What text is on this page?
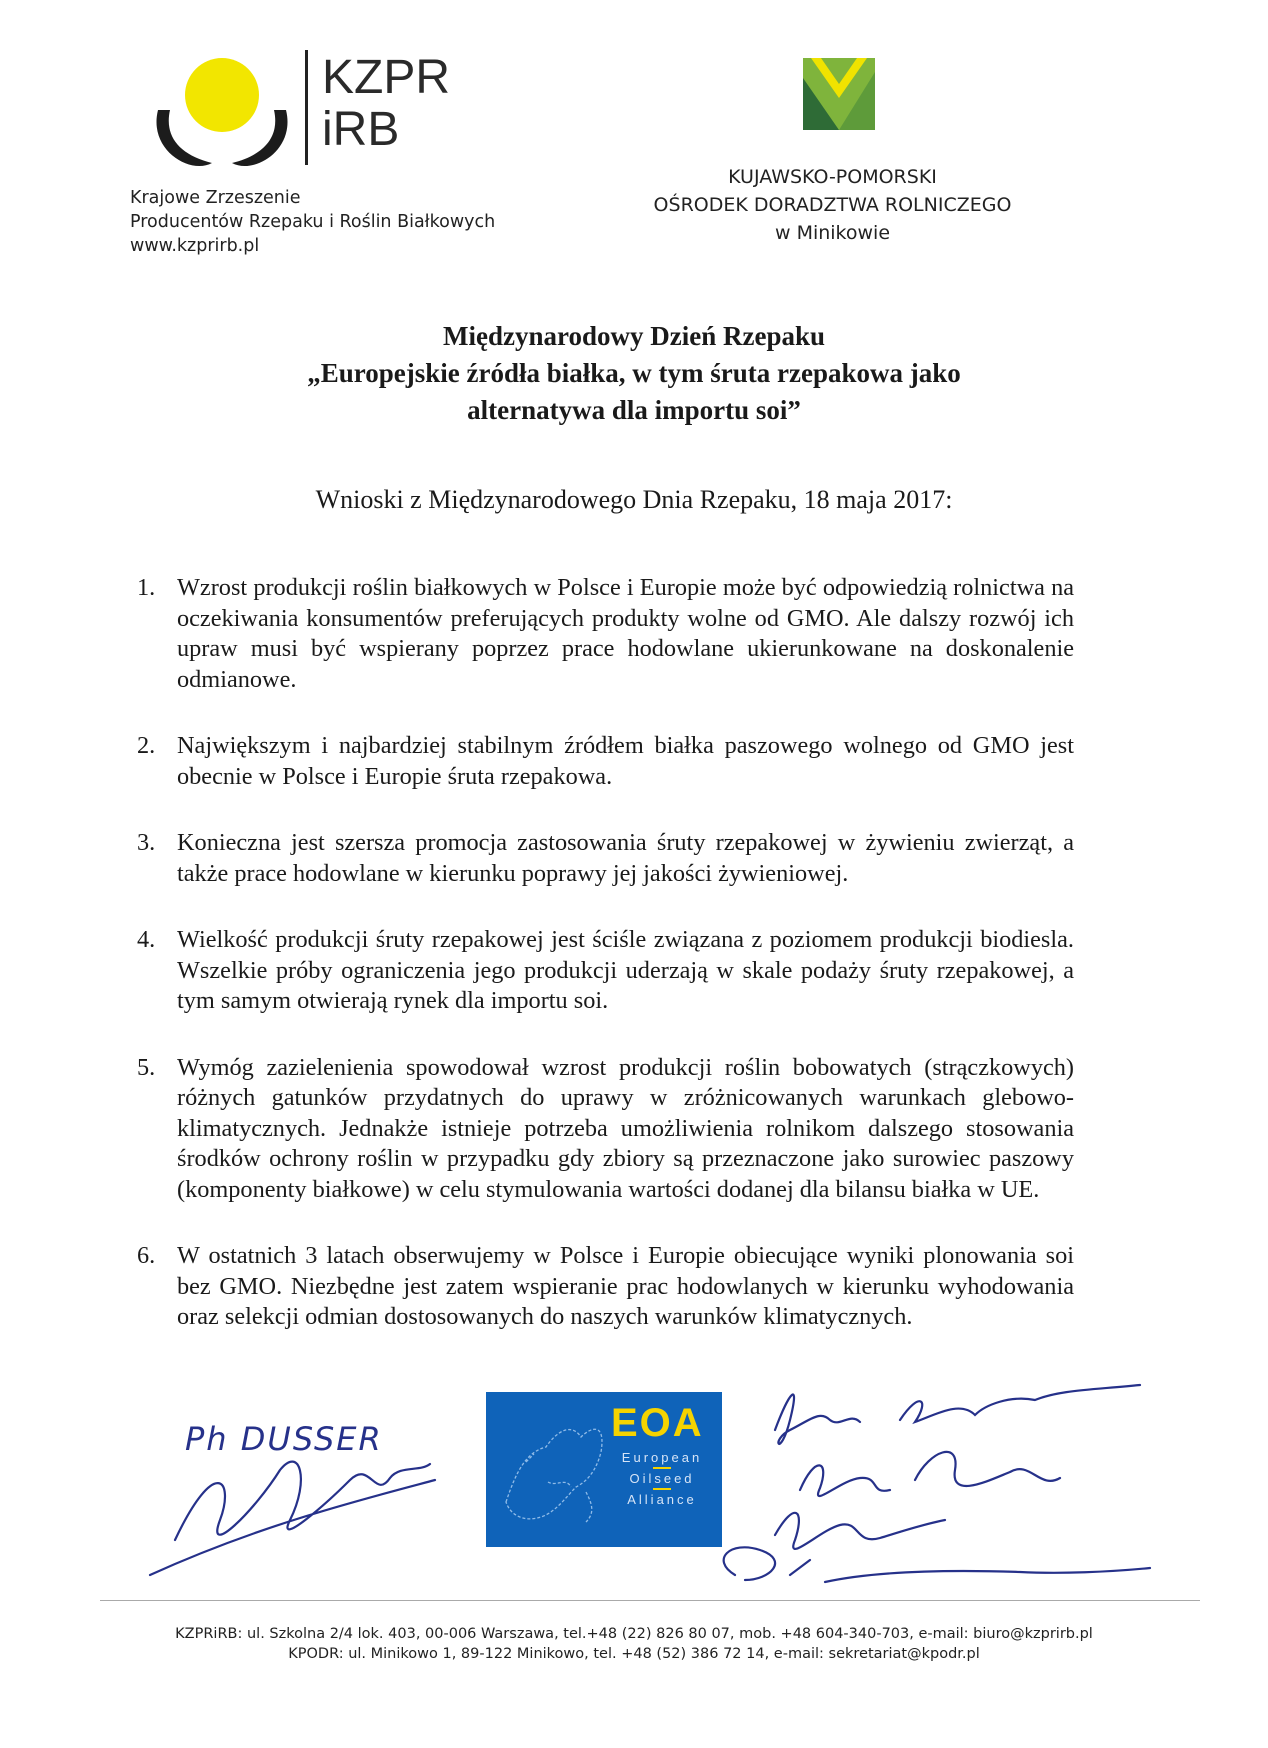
KZPR
iRB
Krajowe Zrzeszenie
Producentów Rzepaku i Roślin Białkowych
www.kzprirb.pl
KUJAWSKO-POMORSKI
OŚRODEK DORADZTWA ROLNICZEGO
w Minikowie
Międzynarodowy Dzień Rzepaku
„Europejskie źródła białka, w tym śruta rzepakowa jako
alternatywa dla importu soi”
Wnioski z Międzynarodowego Dnia Rzepaku, 18 maja 2017:
1. Wzrost produkcji roślin białkowych w Polsce i Europie może być odpowiedzią rolnictwa na oczekiwania konsumentów preferujących produkty wolne od GMO. Ale dalszy rozwój ich upraw musi być wspierany poprzez prace hodowlane ukierunkowane na doskonalenie odmianowe.
2. Największym i najbardziej stabilnym źródłem białka paszowego wolnego od GMO jest obecnie w Polsce i Europie śruta rzepakowa.
3. Konieczna jest szersza promocja zastosowania śruty rzepakowej w żywieniu zwierząt, a także prace hodowlane w kierunku poprawy jej jakości żywieniowej.
4. Wielkość produkcji śruty rzepakowej jest ściśle związana z poziomem produkcji biodiesla. Wszelkie próby ograniczenia jego produkcji uderzają w skale podaży śruty rzepakowej, a tym samym otwierają rynek dla importu soi.
5. Wymóg zazielenienia spowodował wzrost produkcji roślin bobowatych (strączkowych) różnych gatunków przydatnych do uprawy w zróżnicowanych warunkach glebowo-klimatycznych. Jednakże istnieje potrzeba umożliwienia rolnikom dalszego stosowania środków ochrony roślin w przypadku gdy zbiory są przeznaczone jako surowiec paszowy (komponenty białkowe) w celu stymulowania wartości dodanej dla bilansu białka w UE.
6. W ostatnich 3 latach obserwujemy w Polsce i Europie obiecujące wyniki plonowania soi bez GMO. Niezbędne jest zatem wspieranie prac hodowlanych w kierunku wyhodowania oraz selekcji odmian dostosowanych do naszych warunków klimatycznych.
Ph DUSSER	EOA
European
Oilseed
Alliance
KZPRiRB: ul. Szkolna 2/4 lok. 403, 00-006 Warszawa, tel.+48 (22) 826 80 07, mob. +48 604-340-703, e-mail: biuro@kzprirb.pl
KPODR: ul. Minikowo 1, 89-122 Minikowo, tel. +48 (52) 386 72 14, e-mail: sekretariat@kpodr.pl
